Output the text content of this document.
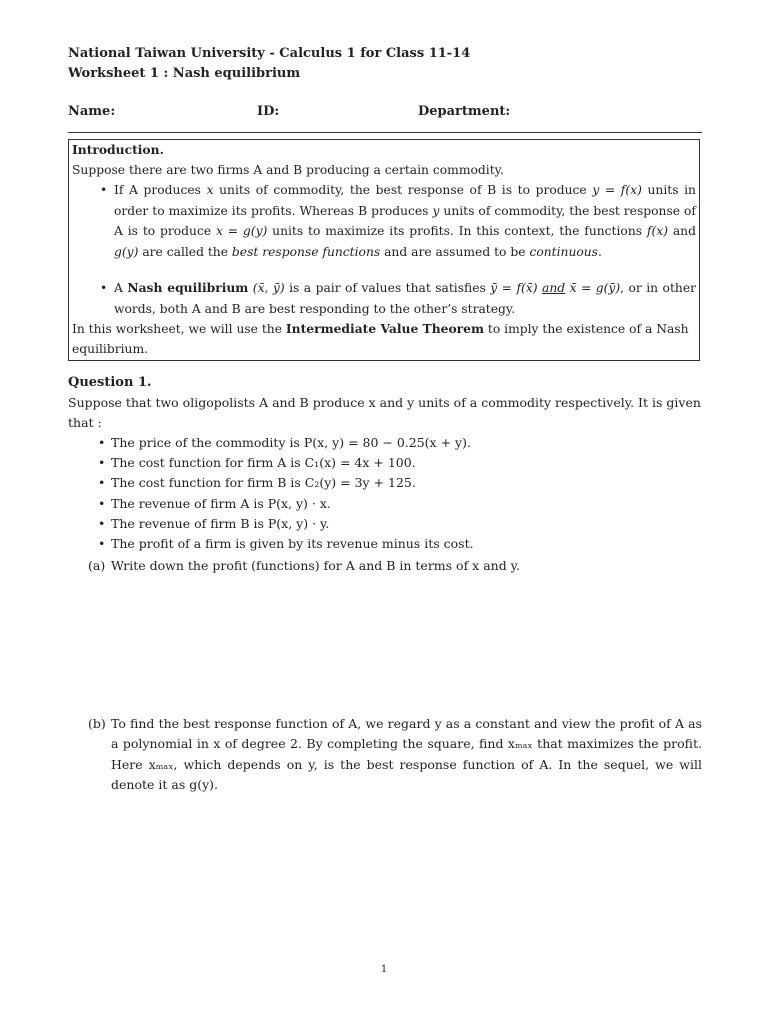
National Taiwan University - Calculus 1 for Class 11-14
Worksheet 1 : Nash equilibrium
Name:	ID:	Department:

Introduction.

Suppose there are two firms A and B producing a certain commodity.

• If A produces x units of commodity, the best response of B is to produce y = f(x) units in order to maximize its profits. Whereas B produces y units of commodity, the best response of A is to produce x = g(y) units to maximize its profits. In this context, the functions f(x) and g(y) are called the best response functions and are assumed to be continuous.
• A Nash equilibrium (x̄, ȳ) is a pair of values that satisfies ȳ = f(x̄) and x̄ = g(ȳ), or in other words, both A and B are best responding to the other’s strategy.

In this worksheet, we will use the Intermediate Value Theorem to imply the existence of a Nash equilibrium.

Question 1.
Suppose that two oligopolists A and B produce x and y units of a commodity respectively. It is given that :
• The price of the commodity is P(x, y) = 80 − 0.25(x + y).
• The cost function for firm A is C₁(x) = 4x + 100.
• The cost function for firm B is C₂(y) = 3y + 125.
• The revenue of firm A is P(x, y) · x.
• The revenue of firm B is P(x, y) · y.
• The profit of a firm is given by its revenue minus its cost.
(a) Write down the profit (functions) for A and B in terms of x and y.
(b) To find the best response function of A, we regard y as a constant and view the profit of A as a polynomial in x of degree 2. By completing the square, find xₘₐₓ that maximizes the profit. Here xₘₐₓ, which depends on y, is the best response function of A. In the sequel, we will denote it as g(y).
1
